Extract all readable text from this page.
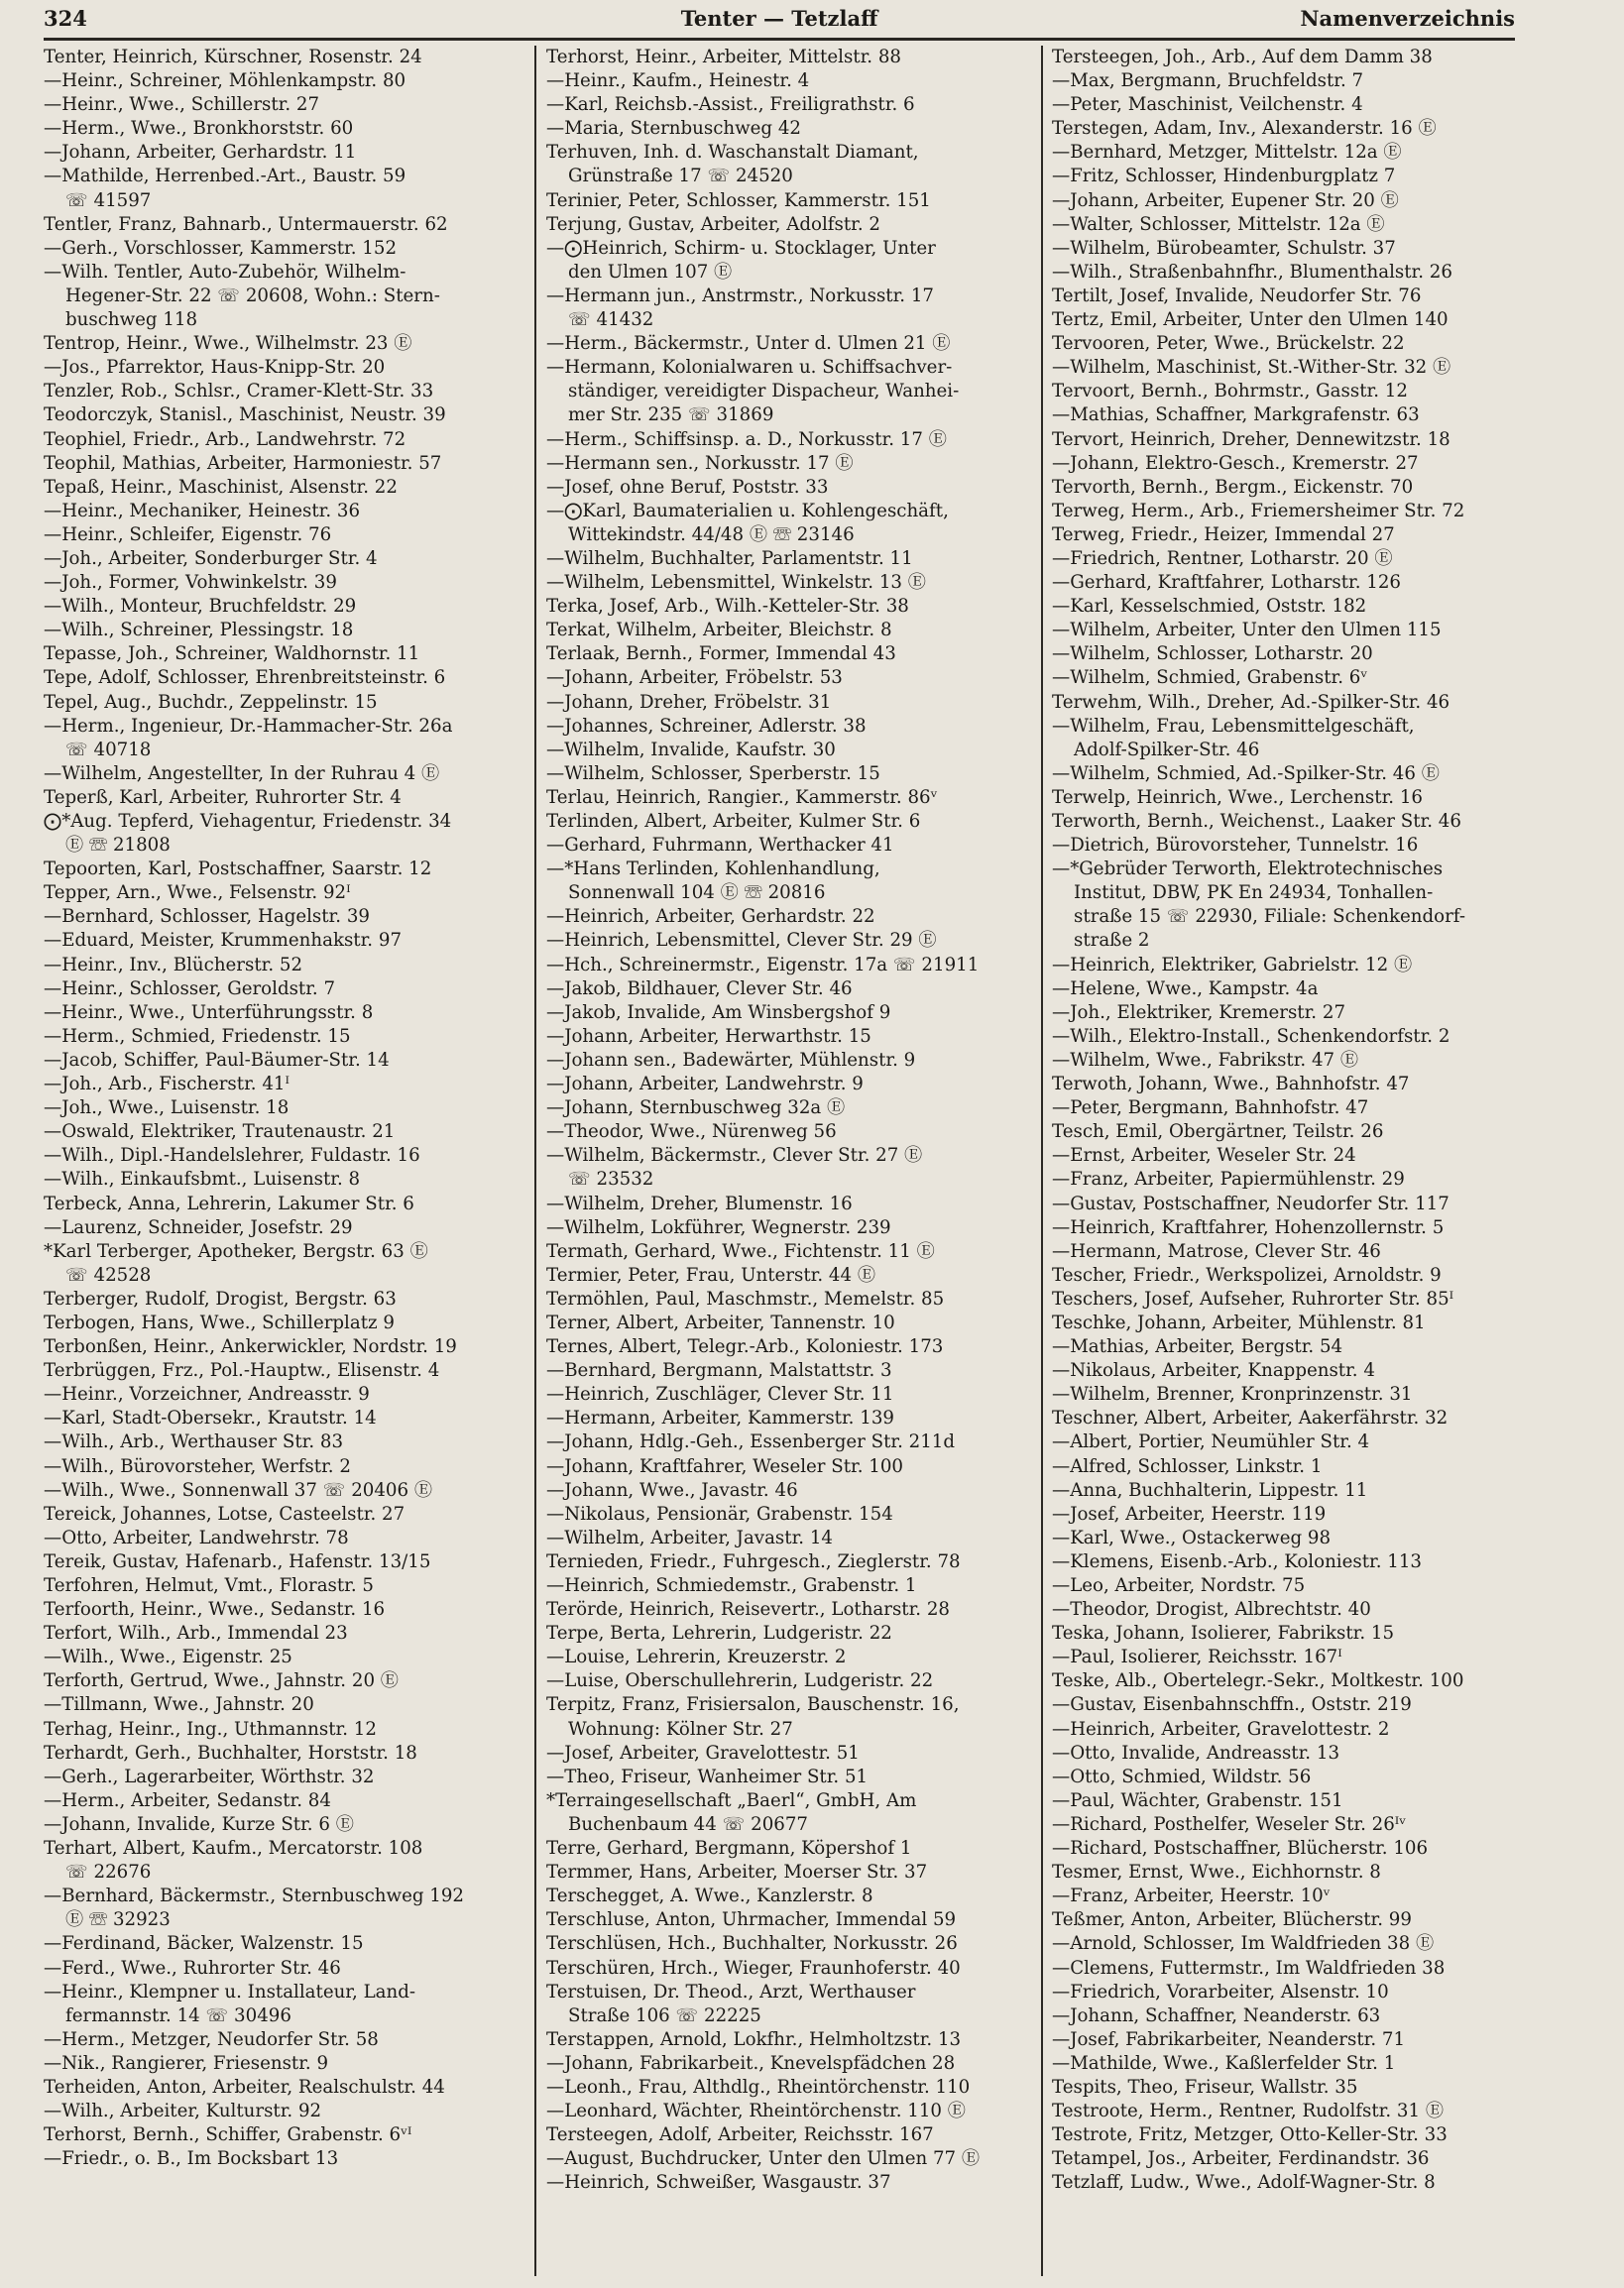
324	Tenter — Tetzlaff	Namenverzeichnis
Tenter, Heinrich, Kürschner, Rosenstr. 24
—Heinr., Schreiner, Möhlenkampstr. 80
—Heinr., Wwe., Schillerstr. 27
—Herm., Wwe., Bronkhorststr. 60
—Johann, Arbeiter, Gerhardstr. 11
—Mathilde, Herrenbed.-Art., Baustr. 59
☏ 41597
Tentler, Franz, Bahnarb., Untermauerstr. 62
—Gerh., Vorschlosser, Kammerstr. 152
—Wilh. Tentler, Auto-Zubehör, Wilhelm-
Hegener-Str. 22 ☏ 20608, Wohn.: Stern-
buschweg 118
Tentrop, Heinr., Wwe., Wilhelmstr. 23 Ⓔ
—Jos., Pfarrektor, Haus-Knipp-Str. 20
Tenzler, Rob., Schlsr., Cramer-Klett-Str. 33
Teodorczyk, Stanisl., Maschinist, Neustr. 39
Teophiel, Friedr., Arb., Landwehrstr. 72
Teophil, Mathias, Arbeiter, Harmoniestr. 57
Tepaß, Heinr., Maschinist, Alsenstr. 22
—Heinr., Mechaniker, Heinestr. 36
—Heinr., Schleifer, Eigenstr. 76
—Joh., Arbeiter, Sonderburger Str. 4
—Joh., Former, Vohwinkelstr. 39
—Wilh., Monteur, Bruchfeldstr. 29
—Wilh., Schreiner, Plessingstr. 18
Tepasse, Joh., Schreiner, Waldhornstr. 11
Tepe, Adolf, Schlosser, Ehrenbreitsteinstr. 6
Tepel, Aug., Buchdr., Zeppelinstr. 15
—Herm., Ingenieur, Dr.-Hammacher-Str. 26a
☏ 40718
—Wilhelm, Angestellter, In der Ruhrau 4 Ⓔ
Teperß, Karl, Arbeiter, Ruhrorter Str. 4
⨀*Aug. Tepferd, Viehagentur, Friedenstr. 34
Ⓔ ☏ 21808
Tepoorten, Karl, Postschaffner, Saarstr. 12
Tepper, Arn., Wwe., Felsenstr. 92ᴵ
—Bernhard, Schlosser, Hagelstr. 39
—Eduard, Meister, Krummenhakstr. 97
—Heinr., Inv., Blücherstr. 52
—Heinr., Schlosser, Geroldstr. 7
—Heinr., Wwe., Unterführungsstr. 8
—Herm., Schmied, Friedenstr. 15
—Jacob, Schiffer, Paul-Bäumer-Str. 14
—Joh., Arb., Fischerstr. 41ᴵ
—Joh., Wwe., Luisenstr. 18
—Oswald, Elektriker, Trautenaustr. 21
—Wilh., Dipl.-Handelslehrer, Fuldastr. 16
—Wilh., Einkaufsbmt., Luisenstr. 8
Terbeck, Anna, Lehrerin, Lakumer Str. 6
—Laurenz, Schneider, Josefstr. 29
*Karl Terberger, Apotheker, Bergstr. 63 Ⓔ
☏ 42528
Terberger, Rudolf, Drogist, Bergstr. 63
Terbogen, Hans, Wwe., Schillerplatz 9
Terbonßen, Heinr., Ankerwickler, Nordstr. 19
Terbrüggen, Frz., Pol.-Hauptw., Elisenstr. 4
—Heinr., Vorzeichner, Andreasstr. 9
—Karl, Stadt-Obersekr., Krautstr. 14
—Wilh., Arb., Werthauser Str. 83
—Wilh., Bürovorsteher, Werfstr. 2
—Wilh., Wwe., Sonnenwall 37 ☏ 20406 Ⓔ
Tereick, Johannes, Lotse, Casteelstr. 27
—Otto, Arbeiter, Landwehrstr. 78
Tereik, Gustav, Hafenarb., Hafenstr. 13/15
Terfohren, Helmut, Vmt., Florastr. 5
Terfoorth, Heinr., Wwe., Sedanstr. 16
Terfort, Wilh., Arb., Immendal 23
—Wilh., Wwe., Eigenstr. 25
Terforth, Gertrud, Wwe., Jahnstr. 20 Ⓔ
—Tillmann, Wwe., Jahnstr. 20
Terhag, Heinr., Ing., Uthmannstr. 12
Terhardt, Gerh., Buchhalter, Horststr. 18
—Gerh., Lagerarbeiter, Wörthstr. 32
—Herm., Arbeiter, Sedanstr. 84
—Johann, Invalide, Kurze Str. 6 Ⓔ
Terhart, Albert, Kaufm., Mercatorstr. 108
☏ 22676
—Bernhard, Bäckermstr., Sternbuschweg 192
Ⓔ ☏ 32923
—Ferdinand, Bäcker, Walzenstr. 15
—Ferd., Wwe., Ruhrorter Str. 46
—Heinr., Klempner u. Installateur, Land-
fermannstr. 14 ☏ 30496
—Herm., Metzger, Neudorfer Str. 58
—Nik., Rangierer, Friesenstr. 9
Terheiden, Anton, Arbeiter, Realschulstr. 44
—Wilh., Arbeiter, Kulturstr. 92
Terhorst, Bernh., Schiffer, Grabenstr. 6ᵛᴵ
—Friedr., o. B., Im Bocksbart 13
Terhorst, Heinr., Arbeiter, Mittelstr. 88
—Heinr., Kaufm., Heinestr. 4
—Karl, Reichsb.-Assist., Freiligrathstr. 6
—Maria, Sternbuschweg 42
Terhuven, Inh. d. Waschanstalt Diamant,
Grünstraße 17 ☏ 24520
Terinier, Peter, Schlosser, Kammerstr. 151
Terjung, Gustav, Arbeiter, Adolfstr. 2
—⨀Heinrich, Schirm- u. Stocklager, Unter
den Ulmen 107 Ⓔ
—Hermann jun., Anstrmstr., Norkusstr. 17
☏ 41432
—Herm., Bäckermstr., Unter d. Ulmen 21 Ⓔ
—Hermann, Kolonialwaren u. Schiffsachver-
ständiger, vereidigter Dispacheur, Wanhei-
mer Str. 235 ☏ 31869
—Herm., Schiffsinsp. a. D., Norkusstr. 17 Ⓔ
—Hermann sen., Norkusstr. 17 Ⓔ
—Josef, ohne Beruf, Poststr. 33
—⨀Karl, Baumaterialien u. Kohlengeschäft,
Wittekindstr. 44/48 Ⓔ ☏ 23146
—Wilhelm, Buchhalter, Parlamentstr. 11
—Wilhelm, Lebensmittel, Winkelstr. 13 Ⓔ
Terka, Josef, Arb., Wilh.-Ketteler-Str. 38
Terkat, Wilhelm, Arbeiter, Bleichstr. 8
Terlaak, Bernh., Former, Immendal 43
—Johann, Arbeiter, Fröbelstr. 53
—Johann, Dreher, Fröbelstr. 31
—Johannes, Schreiner, Adlerstr. 38
—Wilhelm, Invalide, Kaufstr. 30
—Wilhelm, Schlosser, Sperberstr. 15
Terlau, Heinrich, Rangier., Kammerstr. 86ᵛ
Terlinden, Albert, Arbeiter, Kulmer Str. 6
—Gerhard, Fuhrmann, Werthacker 41
—*Hans Terlinden, Kohlenhandlung,
Sonnenwall 104 Ⓔ ☏ 20816
—Heinrich, Arbeiter, Gerhardstr. 22
—Heinrich, Lebensmittel, Clever Str. 29 Ⓔ
—Hch., Schreinermstr., Eigenstr. 17a ☏ 21911
—Jakob, Bildhauer, Clever Str. 46
—Jakob, Invalide, Am Winsbergshof 9
—Johann, Arbeiter, Herwarthstr. 15
—Johann sen., Badewärter, Mühlenstr. 9
—Johann, Arbeiter, Landwehrstr. 9
—Johann, Sternbuschweg 32a Ⓔ
—Theodor, Wwe., Nürenweg 56
—Wilhelm, Bäckermstr., Clever Str. 27 Ⓔ
☏ 23532
—Wilhelm, Dreher, Blumenstr. 16
—Wilhelm, Lokführer, Wegnerstr. 239
Termath, Gerhard, Wwe., Fichtenstr. 11 Ⓔ
Termier, Peter, Frau, Unterstr. 44 Ⓔ
Termöhlen, Paul, Maschmstr., Memelstr. 85
Terner, Albert, Arbeiter, Tannenstr. 10
Ternes, Albert, Telegr.-Arb., Koloniestr. 173
—Bernhard, Bergmann, Malstattstr. 3
—Heinrich, Zuschläger, Clever Str. 11
—Hermann, Arbeiter, Kammerstr. 139
—Johann, Hdlg.-Geh., Essenberger Str. 211d
—Johann, Kraftfahrer, Weseler Str. 100
—Johann, Wwe., Javastr. 46
—Nikolaus, Pensionär, Grabenstr. 154
—Wilhelm, Arbeiter, Javastr. 14
Ternieden, Friedr., Fuhrgesch., Zieglerstr. 78
—Heinrich, Schmiedemstr., Grabenstr. 1
Terörde, Heinrich, Reisevertr., Lotharstr. 28
Terpe, Berta, Lehrerin, Ludgeristr. 22
—Louise, Lehrerin, Kreuzerstr. 2
—Luise, Oberschullehrerin, Ludgeristr. 22
Terpitz, Franz, Frisiersalon, Bauschenstr. 16,
Wohnung: Kölner Str. 27
—Josef, Arbeiter, Gravelottestr. 51
—Theo, Friseur, Wanheimer Str. 51
*Terraingesellschaft „Baerl“, GmbH, Am
Buchenbaum 44 ☏ 20677
Terre, Gerhard, Bergmann, Köpershof 1
Termmer, Hans, Arbeiter, Moerser Str. 37
Terschegget, A. Wwe., Kanzlerstr. 8
Terschluse, Anton, Uhrmacher, Immendal 59
Terschlüsen, Hch., Buchhalter, Norkusstr. 26
Terschüren, Hrch., Wieger, Fraunhoferstr. 40
Terstuisen, Dr. Theod., Arzt, Werthauser
Straße 106 ☏ 22225
Terstappen, Arnold, Lokfhr., Helmholtzstr. 13
—Johann, Fabrikarbeit., Knevelspfädchen 28
—Leonh., Frau, Althdlg., Rheintörchenstr. 110
—Leonhard, Wächter, Rheintörchenstr. 110 Ⓔ
Tersteegen, Adolf, Arbeiter, Reichsstr. 167
—August, Buchdrucker, Unter den Ulmen 77 Ⓔ
—Heinrich, Schweißer, Wasgaustr. 37
Tersteegen, Joh., Arb., Auf dem Damm 38
—Max, Bergmann, Bruchfeldstr. 7
—Peter, Maschinist, Veilchenstr. 4
Terstegen, Adam, Inv., Alexanderstr. 16 Ⓔ
—Bernhard, Metzger, Mittelstr. 12a Ⓔ
—Fritz, Schlosser, Hindenburgplatz 7
—Johann, Arbeiter, Eupener Str. 20 Ⓔ
—Walter, Schlosser, Mittelstr. 12a Ⓔ
—Wilhelm, Bürobeamter, Schulstr. 37
—Wilh., Straßenbahnfhr., Blumenthalstr. 26
Tertilt, Josef, Invalide, Neudorfer Str. 76
Tertz, Emil, Arbeiter, Unter den Ulmen 140
Tervooren, Peter, Wwe., Brückelstr. 22
—Wilhelm, Maschinist, St.-Wither-Str. 32 Ⓔ
Tervoort, Bernh., Bohrmstr., Gasstr. 12
—Mathias, Schaffner, Markgrafenstr. 63
Tervort, Heinrich, Dreher, Dennewitzstr. 18
—Johann, Elektro-Gesch., Kremerstr. 27
Tervorth, Bernh., Bergm., Eickenstr. 70
Terweg, Herm., Arb., Friemersheimer Str. 72
Terweg, Friedr., Heizer, Immendal 27
—Friedrich, Rentner, Lotharstr. 20 Ⓔ
—Gerhard, Kraftfahrer, Lotharstr. 126
—Karl, Kesselschmied, Oststr. 182
—Wilhelm, Arbeiter, Unter den Ulmen 115
—Wilhelm, Schlosser, Lotharstr. 20
—Wilhelm, Schmied, Grabenstr. 6ᵛ
Terwehm, Wilh., Dreher, Ad.-Spilker-Str. 46
—Wilhelm, Frau, Lebensmittelgeschäft,
Adolf-Spilker-Str. 46
—Wilhelm, Schmied, Ad.-Spilker-Str. 46 Ⓔ
Terwelp, Heinrich, Wwe., Lerchenstr. 16
Terworth, Bernh., Weichenst., Laaker Str. 46
—Dietrich, Bürovorsteher, Tunnelstr. 16
—*Gebrüder Terworth, Elektrotechnisches
Institut, DBW, PK En 24934, Tonhallen-
straße 15 ☏ 22930, Filiale: Schenkendorf-
straße 2
—Heinrich, Elektriker, Gabrielstr. 12 Ⓔ
—Helene, Wwe., Kampstr. 4a
—Joh., Elektriker, Kremerstr. 27
—Wilh., Elektro-Install., Schenkendorfstr. 2
—Wilhelm, Wwe., Fabrikstr. 47 Ⓔ
Terwoth, Johann, Wwe., Bahnhofstr. 47
—Peter, Bergmann, Bahnhofstr. 47
Tesch, Emil, Obergärtner, Teilstr. 26
—Ernst, Arbeiter, Weseler Str. 24
—Franz, Arbeiter, Papiermühlenstr. 29
—Gustav, Postschaffner, Neudorfer Str. 117
—Heinrich, Kraftfahrer, Hohenzollernstr. 5
—Hermann, Matrose, Clever Str. 46
Tescher, Friedr., Werkspolizei, Arnoldstr. 9
Teschers, Josef, Aufseher, Ruhrorter Str. 85ᴵ
Teschke, Johann, Arbeiter, Mühlenstr. 81
—Mathias, Arbeiter, Bergstr. 54
—Nikolaus, Arbeiter, Knappenstr. 4
—Wilhelm, Brenner, Kronprinzenstr. 31
Teschner, Albert, Arbeiter, Aakerfährstr. 32
—Albert, Portier, Neumühler Str. 4
—Alfred, Schlosser, Linkstr. 1
—Anna, Buchhalterin, Lippestr. 11
—Josef, Arbeiter, Heerstr. 119
—Karl, Wwe., Ostackerweg 98
—Klemens, Eisenb.-Arb., Koloniestr. 113
—Leo, Arbeiter, Nordstr. 75
—Theodor, Drogist, Albrechtstr. 40
Teska, Johann, Isolierer, Fabrikstr. 15
—Paul, Isolierer, Reichsstr. 167ᴵ
Teske, Alb., Obertelegr.-Sekr., Moltkestr. 100
—Gustav, Eisenbahnschffn., Oststr. 219
—Heinrich, Arbeiter, Gravelottestr. 2
—Otto, Invalide, Andreasstr. 13
—Otto, Schmied, Wildstr. 56
—Paul, Wächter, Grabenstr. 151
—Richard, Posthelfer, Weseler Str. 26ᴵᵛ
—Richard, Postschaffner, Blücherstr. 106
Tesmer, Ernst, Wwe., Eichhornstr. 8
—Franz, Arbeiter, Heerstr. 10ᵛ
Teßmer, Anton, Arbeiter, Blücherstr. 99
—Arnold, Schlosser, Im Waldfrieden 38 Ⓔ
—Clemens, Futtermstr., Im Waldfrieden 38
—Friedrich, Vorarbeiter, Alsenstr. 10
—Johann, Schaffner, Neanderstr. 63
—Josef, Fabrikarbeiter, Neanderstr. 71
—Mathilde, Wwe., Kaßlerfelder Str. 1
Tespits, Theo, Friseur, Wallstr. 35
Testroote, Herm., Rentner, Rudolfstr. 31 Ⓔ
Testrote, Fritz, Metzger, Otto-Keller-Str. 33
Tetampel, Jos., Arbeiter, Ferdinandstr. 36
Tetzlaff, Ludw., Wwe., Adolf-Wagner-Str. 8
